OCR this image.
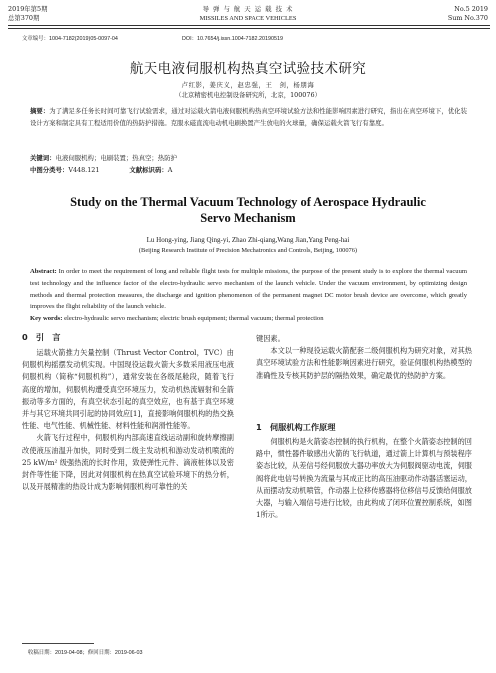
2019年第5期
总第370期
导 弹 与 航 天 运 载 技 术
MISSILES AND SPACE VEHICLES
No.5 2019
Sum No.370
文章编号：1004-7182(2019)05-0097-04	DOI：10.7654/j.issn.1004-7182.20190519
航天电液伺服机构热真空试验技术研究
卢红影，姜庆义，赵忠强，王　剑，杨朋海
（北京精密机电控制设备研究所，北京，100076）
摘要：为了满足多任务长时间可靠飞行试验需求，通过对运载火箭电液伺服机构热真空环境试验方法和性能影响因素进行研究，指出在真空环境下，优化装设计方案和制定具有工程适用价值的热防护措施。克服永磁直流电动机电刷换置产生放电的火球量，确保运载火箭飞行有靠度。
关键词：电液伺服机构；电刷装置；热真空；热防护
中图分类号：V448.121	文献标识码：A
Study on the Thermal Vacuum Technology of Aerospace Hydraulic
Servo Mechanism
Lu Hong-ying, Jiang Qing-yi, Zhao Zhi-qiang,Wang Jian,Yang Peng-hai
(Beijing Research Institute of Precision Mechatronics and Controls, Beijing, 100076)
Abstract: In order to meet the requirement of long and reliable flight tests for multiple missions, the purpose of the present study is to explore the thermal vacuum test technology and the influence factor of the electro-hydraulic servo mechanism of the launch vehicle. Under the vacuum environment, by optimizing design methods and thermal protection measures, the discharge and ignition phenomenon of the permanent magnet DC motor brush device are overcome, which greatly improves the flight reliability of the launch vehicle.
Key words: electro-hydraulic servo mechanism; electric brush equipment; thermal vacuum; thermal protection
0　引　言

运载火箭推力矢量控制（Thrust Vector Control，TVC）由伺服机构摇摆发动机实现。中国现役运载火箭大多数采用液压电液伺服机构（简称“伺服机构”），通常安装在各级尾舱段，随着飞行高度的增加，伺服机构遭受真空环境压力，发动机热流辐射和全箭振动等多方面的，有真空状态引起的真空效应，也有基于真空环境并与其它环境共同引起的协同效应[1]，直接影响伺服机构的热交换性能、电气性能、机械性能、材料性能和润滑性能等。

火箭飞行过程中，伺服机构内部高速直线运动副和旋转摩擦副改使液压油温升加快，同时受到二级主发动机和游动发动机喷流的25 kW/m² 级强热流的长时作用，致使弹性元件、滴液桩体以及密封件等性能下降，因此对伺服机构在热真空试验环境下的热分析，以及开展精准的热设计成为影响伺服机构可靠性的关

键因素。

本文以一种现役运载火箭配套二级伺服机构为研究对象，对其热真空环境试验方法和性能影响因素进行研究，验证伺服机构热模型的准确性及专核其防护层的隔热效果，确定最优的热防护方案。

1　伺服机构工作原理

伺服机构是火箭姿态控制的执行机构，在整个火箭姿态控制的回路中，惯性器件敏感出火箭的飞行轨道，通过箭上计算机与预装程序姿态比较，从差信号经伺服放大器功率放大为伺服阀驱动电流，伺服阀将此电信号转换为流量与其成正比的高压油驱动作动器活塞运动，从而摆动发动机喷管，作动器上位移传感器将位移信号反馈给伺服放大器，与输入端信号进行比较，由此构成了闭环位置控制系统，如图1所示。

收稿日期：2019-04-08；修回日期：2019-06-03
